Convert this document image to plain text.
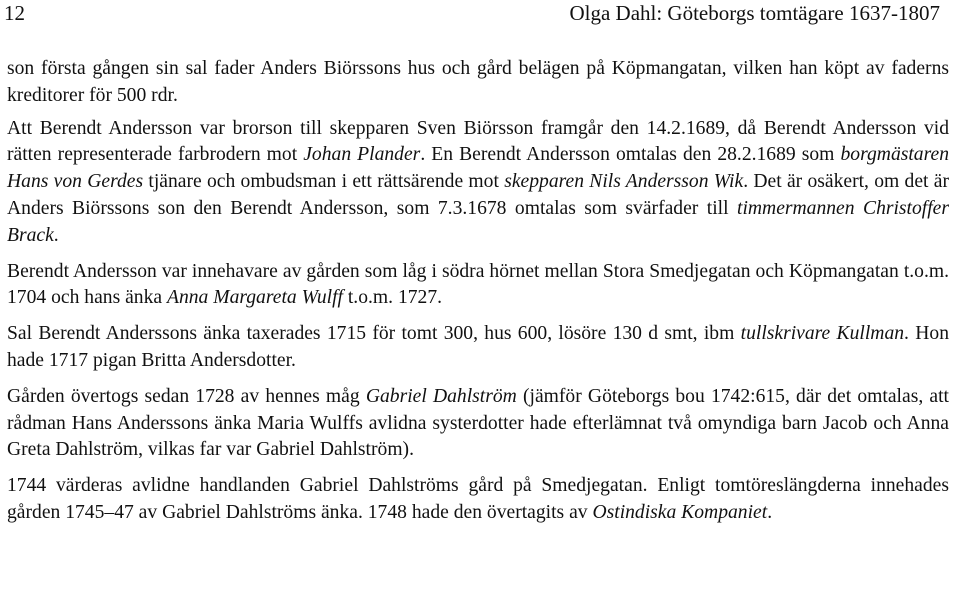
12	Olga Dahl: Göteborgs tomtägare 1637-1807

son första gången sin sal fader Anders Biörssons hus och gård belägen på Köpmangatan, vilken han köpt av faderns kreditorer för 500 rdr.

Att Berendt Andersson var brorson till skepparen Sven Biörsson framgår den 14.2.1689, då Berendt Andersson vid rätten representerade farbrodern mot Johan Plander. En Berendt Andersson omtalas den 28.2.1689 som borgmästaren Hans von Gerdes tjänare och ombudsman i ett rättsärende mot skepparen Nils Andersson Wik. Det är osäkert, om det är Anders Biörssons son den Berendt Andersson, som 7.3.1678 omtalas som svärfader till timmermannen Christoffer Brack.

Berendt Andersson var innehavare av gården som låg i södra hörnet mellan Stora Smedjegatan och Köpmangatan t.o.m. 1704 och hans änka Anna Margareta Wulff t.o.m. 1727.

Sal Berendt Anderssons änka taxerades 1715 för tomt 300, hus 600, lösöre 130 d smt, ibm tullskrivare Kullman. Hon hade 1717 pigan Britta Andersdotter.

Gården övertogs sedan 1728 av hennes måg Gabriel Dahlström (jämför Göteborgs bou 1742:615, där det omtalas, att rådman Hans Anderssons änka Maria Wulffs avlidna systerdotter hade efterlämnat två omyndiga barn Jacob och Anna Greta Dahlström, vilkas far var Gabriel Dahlström).

1744 värderas avlidne handlanden Gabriel Dahlströms gård på Smedjegatan. Enligt tomtöreslängderna innehades gården 1745–47 av Gabriel Dahlströms änka. 1748 hade den övertagits av Ostindiska Kompaniet.
